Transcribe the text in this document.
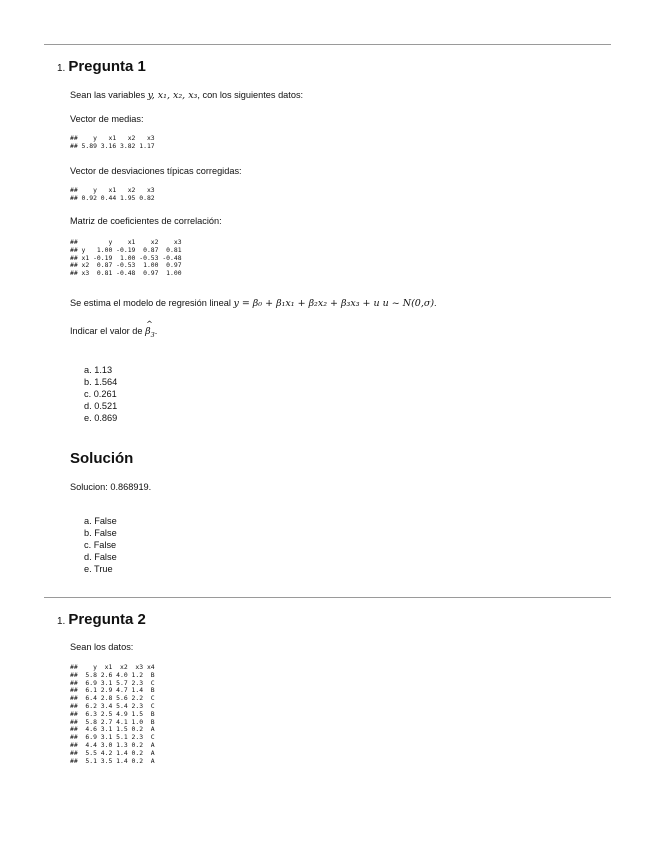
1. Pregunta 1
Sean las variables y, x₁, x₂, x₃, con los siguientes datos:
Vector de medias:
##    y   x1   x2   x3
## 5.89 3.16 3.82 1.17
Vector de desviaciones típicas corregidas:
##    y   x1   x2   x3
## 0.92 0.44 1.95 0.82
Matriz de coeficientes de correlación:
##        y    x1    x2    x3
## y   1.00 -0.19  0.87  0.81
## x1 -0.19  1.00 -0.53 -0.48
## x2  0.87 -0.53  1.00  0.97
## x3  0.81 -0.48  0.97  1.00
Se estima el modelo de regresión lineal y = β₀ + β₁x₁ + β₂x₂ + β₃x₃ + u u ~ N(0,σ).
Indicar el valor de
^
$\beta_3$.
a. 1.13
b. 1.564
c. 0.261
d. 0.521
e. 0.869
Solución
Solucion: 0.868919.
a. False
b. False
c. False
d. False
e. True
1. Pregunta 2
Sean los datos:
##    y  x1  x2  x3 x4
##  5.8 2.6 4.0 1.2  B
##  6.9 3.1 5.7 2.3  C
##  6.1 2.9 4.7 1.4  B
##  6.4 2.8 5.6 2.2  C
##  6.2 3.4 5.4 2.3  C
##  6.3 2.5 4.9 1.5  B
##  5.8 2.7 4.1 1.0  B
##  4.6 3.1 1.5 0.2  A
##  6.9 3.1 5.1 2.3  C
##  4.4 3.0 1.3 0.2  A
##  5.5 4.2 1.4 0.2  A
##  5.1 3.5 1.4 0.2  A
